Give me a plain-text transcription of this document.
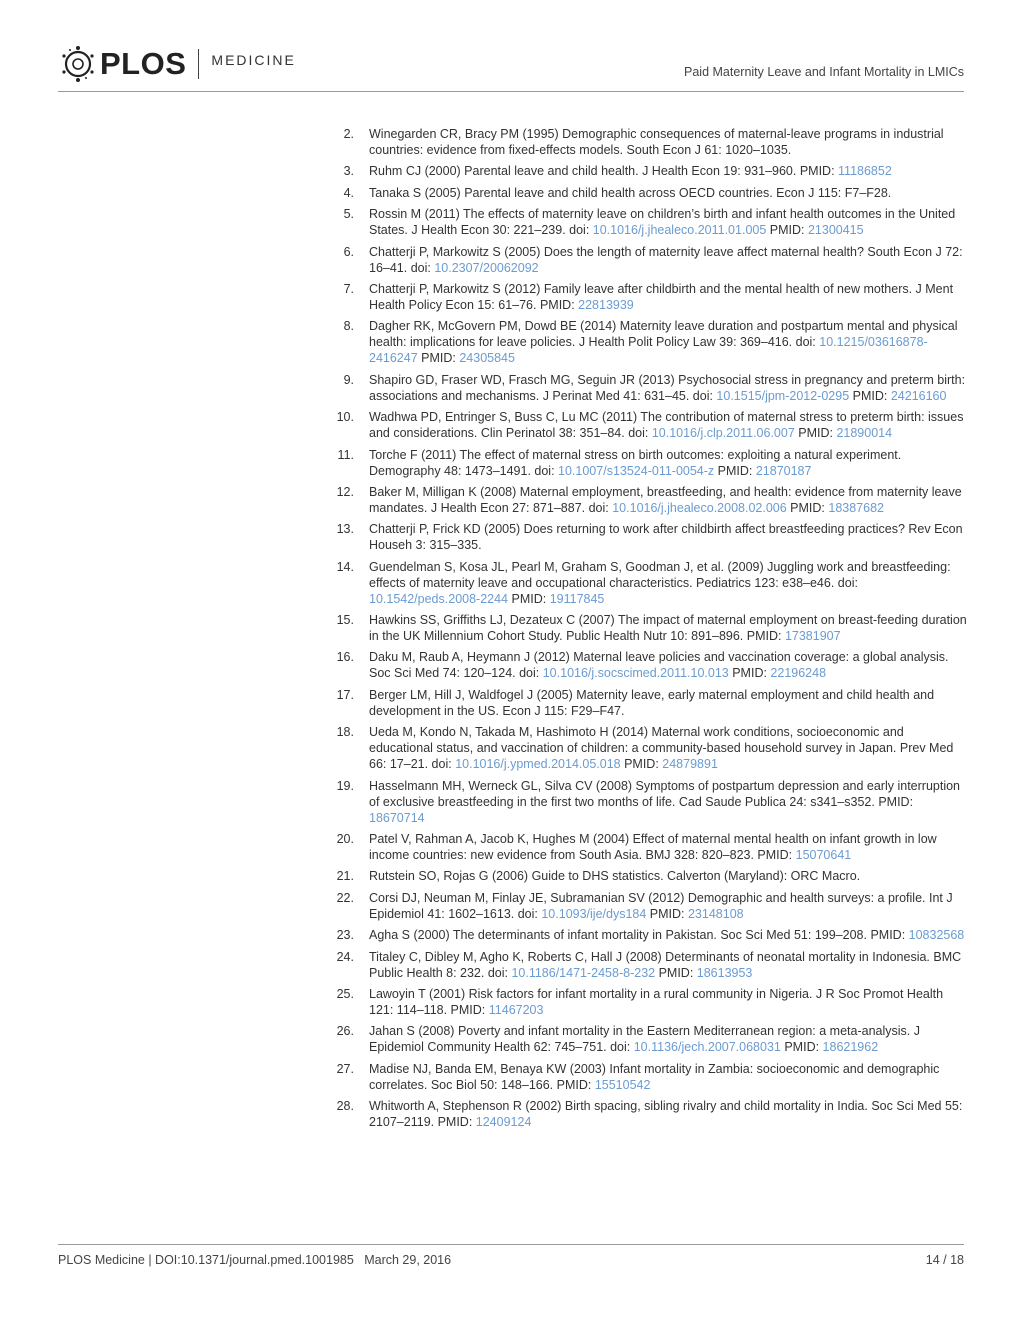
PLOS MEDICINE
Paid Maternity Leave and Infant Mortality in LMICs
2. Winegarden CR, Bracy PM (1995) Demographic consequences of maternal-leave programs in industrial countries: evidence from fixed-effects models. South Econ J 61: 1020–1035.
3. Ruhm CJ (2000) Parental leave and child health. J Health Econ 19: 931–960. PMID: 11186852
4. Tanaka S (2005) Parental leave and child health across OECD countries. Econ J 115: F7–F28.
5. Rossin M (2011) The effects of maternity leave on children’s birth and infant health outcomes in the United States. J Health Econ 30: 221–239. doi: 10.1016/j.jhealeco.2011.01.005 PMID: 21300415
6. Chatterji P, Markowitz S (2005) Does the length of maternity leave affect maternal health? South Econ J 72: 16–41. doi: 10.2307/20062092
7. Chatterji P, Markowitz S (2012) Family leave after childbirth and the mental health of new mothers. J Ment Health Policy Econ 15: 61–76. PMID: 22813939
8. Dagher RK, McGovern PM, Dowd BE (2014) Maternity leave duration and postpartum mental and physical health: implications for leave policies. J Health Polit Policy Law 39: 369–416. doi: 10.1215/03616878-2416247 PMID: 24305845
9. Shapiro GD, Fraser WD, Frasch MG, Seguin JR (2013) Psychosocial stress in pregnancy and preterm birth: associations and mechanisms. J Perinat Med 41: 631–45. doi: 10.1515/jpm-2012-0295 PMID: 24216160
10. Wadhwa PD, Entringer S, Buss C, Lu MC (2011) The contribution of maternal stress to preterm birth: issues and considerations. Clin Perinatol 38: 351–84. doi: 10.1016/j.clp.2011.06.007 PMID: 21890014
11. Torche F (2011) The effect of maternal stress on birth outcomes: exploiting a natural experiment. Demography 48: 1473–1491. doi: 10.1007/s13524-011-0054-z PMID: 21870187
12. Baker M, Milligan K (2008) Maternal employment, breastfeeding, and health: evidence from maternity leave mandates. J Health Econ 27: 871–887. doi: 10.1016/j.jhealeco.2008.02.006 PMID: 18387682
13. Chatterji P, Frick KD (2005) Does returning to work after childbirth affect breastfeeding practices? Rev Econ Househ 3: 315–335.
14. Guendelman S, Kosa JL, Pearl M, Graham S, Goodman J, et al. (2009) Juggling work and breastfeeding: effects of maternity leave and occupational characteristics. Pediatrics 123: e38–e46. doi: 10.1542/peds.2008-2244 PMID: 19117845
15. Hawkins SS, Griffiths LJ, Dezateux C (2007) The impact of maternal employment on breast-feeding duration in the UK Millennium Cohort Study. Public Health Nutr 10: 891–896. PMID: 17381907
16. Daku M, Raub A, Heymann J (2012) Maternal leave policies and vaccination coverage: a global analysis. Soc Sci Med 74: 120–124. doi: 10.1016/j.socscimed.2011.10.013 PMID: 22196248
17. Berger LM, Hill J, Waldfogel J (2005) Maternity leave, early maternal employment and child health and development in the US. Econ J 115: F29–F47.
18. Ueda M, Kondo N, Takada M, Hashimoto H (2014) Maternal work conditions, socioeconomic and educational status, and vaccination of children: a community-based household survey in Japan. Prev Med 66: 17–21. doi: 10.1016/j.ypmed.2014.05.018 PMID: 24879891
19. Hasselmann MH, Werneck GL, Silva CV (2008) Symptoms of postpartum depression and early interruption of exclusive breastfeeding in the first two months of life. Cad Saude Publica 24: s341–s352. PMID: 18670714
20. Patel V, Rahman A, Jacob K, Hughes M (2004) Effect of maternal mental health on infant growth in low income countries: new evidence from South Asia. BMJ 328: 820–823. PMID: 15070641
21. Rutstein SO, Rojas G (2006) Guide to DHS statistics. Calverton (Maryland): ORC Macro.
22. Corsi DJ, Neuman M, Finlay JE, Subramanian SV (2012) Demographic and health surveys: a profile. Int J Epidemiol 41: 1602–1613. doi: 10.1093/ije/dys184 PMID: 23148108
23. Agha S (2000) The determinants of infant mortality in Pakistan. Soc Sci Med 51: 199–208. PMID: 10832568
24. Titaley C, Dibley M, Agho K, Roberts C, Hall J (2008) Determinants of neonatal mortality in Indonesia. BMC Public Health 8: 232. doi: 10.1186/1471-2458-8-232 PMID: 18613953
25. Lawoyin T (2001) Risk factors for infant mortality in a rural community in Nigeria. J R Soc Promot Health 121: 114–118. PMID: 11467203
26. Jahan S (2008) Poverty and infant mortality in the Eastern Mediterranean region: a meta-analysis. J Epidemiol Community Health 62: 745–751. doi: 10.1136/jech.2007.068031 PMID: 18621962
27. Madise NJ, Banda EM, Benaya KW (2003) Infant mortality in Zambia: socioeconomic and demographic correlates. Soc Biol 50: 148–166. PMID: 15510542
28. Whitworth A, Stephenson R (2002) Birth spacing, sibling rivalry and child mortality in India. Soc Sci Med 55: 2107–2119. PMID: 12409124
PLOS Medicine | DOI:10.1371/journal.pmed.1001985   March 29, 2016	14 / 18
